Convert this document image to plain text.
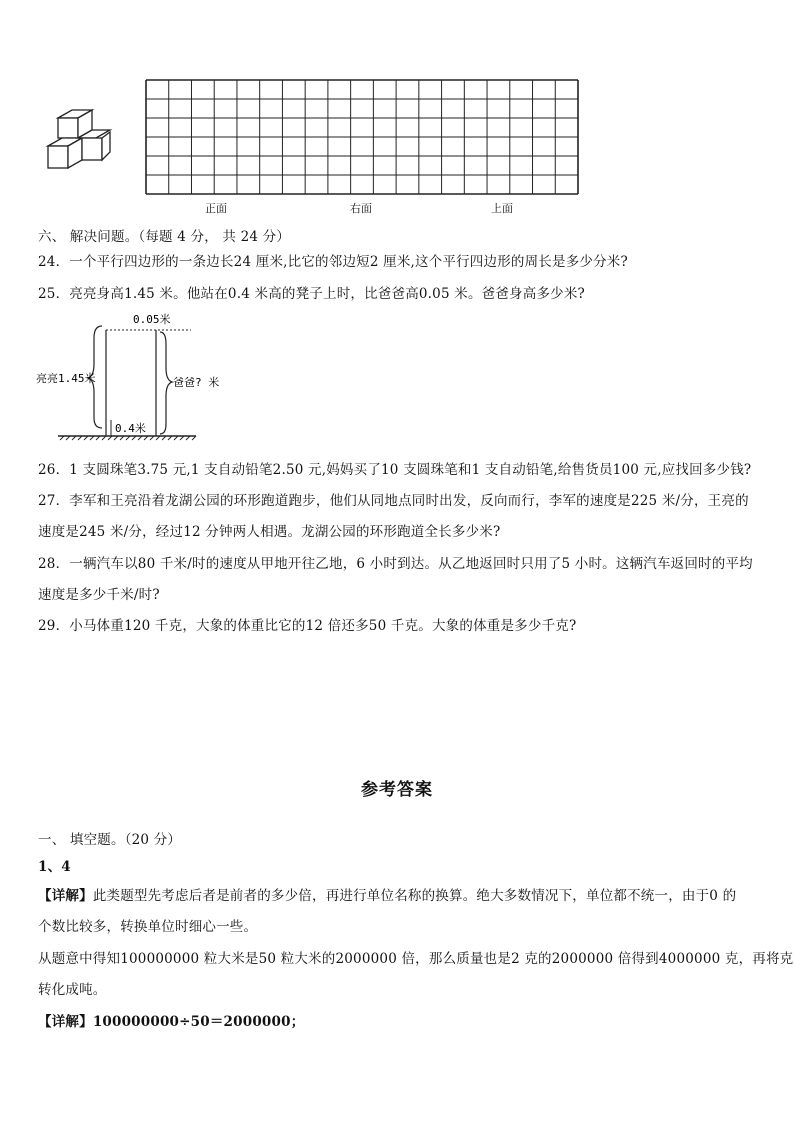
正面	右面	上面
六、 解决问题。（每题 4 分， 共 24 分）
24．一个平行四边形的一条边长24 厘米,比它的邻边短2 厘米,这个平行四边形的周长是多少分米?
25．亮亮身高1.45 米。他站在0.4 米高的凳子上时，比爸爸高0.05 米。爸爸身高多少米?
0.05米
亮亮1.45米	爸爸? 米
0.4米
26．1 支圆珠笔3.75 元,1 支自动铅笔2.50 元,妈妈买了10 支圆珠笔和1 支自动铅笔,给售货员100 元,应找回多少钱?
27．李军和王亮沿着龙湖公园的环形跑道跑步，他们从同地点同时出发，反向而行，李军的速度是225 米/分，王亮的
速度是245 米/分，经过12 分钟两人相遇。龙湖公园的环形跑道全长多少米?
28．一辆汽车以80 千米/时的速度从甲地开往乙地，6 小时到达。从乙地返回时只用了5 小时。这辆汽车返回时的平均
速度是多少千米/时?
29．小马体重120 千克，大象的体重比它的12 倍还多50 千克。大象的体重是多少千克?
参考答案
一、 填空题。（20 分）
1、4
【详解】此类题型先考虑后者是前者的多少倍，再进行单位名称的换算。绝大多数情况下，单位都不统一，由于0 的
个数比较多，转换单位时细心一些。
从题意中得知100000000 粒大米是50 粒大米的2000000 倍，那么质量也是2 克的2000000 倍得到4000000 克，再将克
转化成吨。
【详解】100000000÷50＝2000000；
